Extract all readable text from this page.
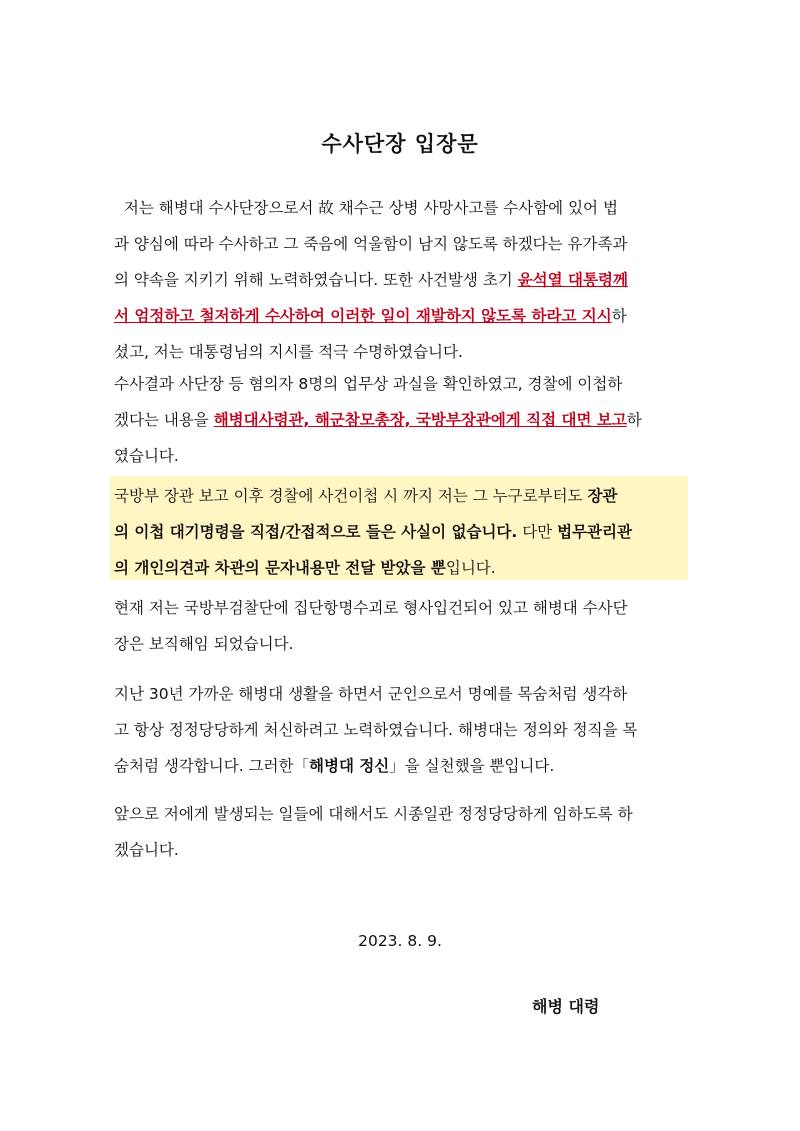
수사단장 입장문
저는 해병대 수사단장으로서 故 채수근 상병 사망사고를 수사함에 있어 법
과 양심에 따라 수사하고 그 죽음에 억울함이 남지 않도록 하겠다는 유가족과
의 약속을 지키기 위해 노력하였습니다. 또한 사건발생 초기 윤석열 대통령께
서 엄정하고 철저하게 수사하여 이러한 일이 재발하지 않도록 하라고 지시하
셨고, 저는 대통령님의 지시를 적극 수명하였습니다.
수사결과 사단장 등 혐의자 8명의 업무상 과실을 확인하였고, 경찰에 이첩하
겠다는 내용을 해병대사령관, 해군참모총장, 국방부장관에게 직접 대면 보고하
였습니다.
국방부 장관 보고 이후 경찰에 사건이첩 시 까지 저는 그 누구로부터도 장관
의 이첩 대기명령을 직접/간접적으로 들은 사실이 없습니다. 다만 법무관리관
의 개인의견과 차관의 문자내용만 전달 받았을 뿐입니다.
현재 저는 국방부검찰단에 집단항명수괴로 형사입건되어 있고 해병대 수사단
장은 보직해임 되었습니다.
지난 30년 가까운 해병대 생활을 하면서 군인으로서 명예를 목숨처럼 생각하
고 항상 정정당당하게 처신하려고 노력하였습니다. 해병대는 정의와 정직을 목
숨처럼 생각합니다. 그러한「해병대 정신」을 실천했을 뿐입니다.
앞으로 저에게 발생되는 일들에 대해서도 시종일관 정정당당하게 임하도록 하
겠습니다.
2023. 8. 9.
해병 대령
